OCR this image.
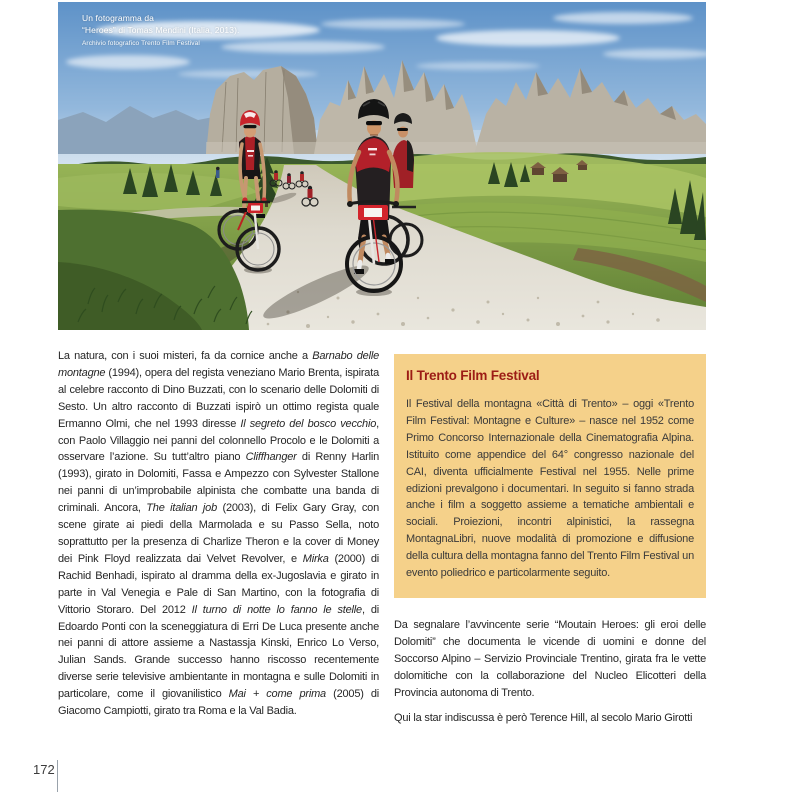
Un fotogramma da
“Heroes” di Tomas Mendini (Italia, 2013).
Archivio fotografico Trento Film Festival
La natura, con i suoi misteri, fa da cornice anche a Barnabo delle montagne (1994), opera del regista veneziano Mario Brenta, ispirata al celebre racconto di Dino Buzzati, con lo scenario delle Dolomiti di Sesto. Un altro racconto di Buzzati ispirò un ottimo regista quale Ermanno Olmi, che nel 1993 diresse Il segreto del bosco vecchio, con Paolo Villaggio nei panni del colonnello Procolo e le Dolomiti a osservare l’azione. Su tutt’altro piano Cliffhanger di Renny Harlin (1993), girato in Dolomiti, Fassa e Ampezzo con Sylvester Stallone nei panni di un’improbabile alpinista che combatte una banda di criminali. Ancora, The italian job (2003), di Felix Gary Gray, con scene girate ai piedi della Marmolada e su Passo Sella, noto soprattutto per la presenza di Charlize Theron e la cover di Money dei Pink Floyd realizzata dai Velvet Revolver, e Mirka (2000) di Rachid Benhadi, ispirato al dramma della ex-Jugoslavia e girato in parte in Val Venegia e Pale di San Martino, con la fotografia di Vittorio Storaro. Del 2012 Il turno di notte lo fanno le stelle, di Edoardo Ponti con la sceneggiatura di Erri De Luca presente anche nei panni di attore assieme a Nastassja Kinski, Enrico Lo Verso, Julian Sands. Grande successo hanno riscosso recentemente diverse serie televisive ambientante in montagna e sulle Dolomiti in particolare, come il giovanilistico Mai + come prima (2005) di Giacomo Campiotti, girato tra Roma e la Val Badia.
Il Trento Film Festival

Il Festival della montagna «Città di Trento» – oggi «Trento Film Festival: Montagne e Culture» – nasce nel 1952 come Primo Concorso Internazionale della Cinematografia Alpina. Istituito come appendice del 64° congresso nazionale del CAI, diventa ufficialmente Festival nel 1955. Nelle prime edizioni prevalgono i documentari. In seguito si fanno strada anche i film a soggetto assieme a tematiche ambientali e sociali. Proiezioni, incontri alpinistici, la rassegna MontagnaLibri, nuove modalità di promozione e diffusione della cultura della montagna fanno del Trento Film Festival un evento poliedrico e particolarmente seguito.

Da segnalare l’avvincente serie “Moutain Heroes: gli eroi delle Dolomiti” che documenta le vicende di uomini e donne del Soccorso Alpino – Servizio Provinciale Trentino, girata fra le vette dolomitiche con la collaborazione del Nucleo Elicotteri della Provincia autonoma di Trento.

Qui la star indiscussa è però Terence Hill, al secolo Mario Girotti

172
